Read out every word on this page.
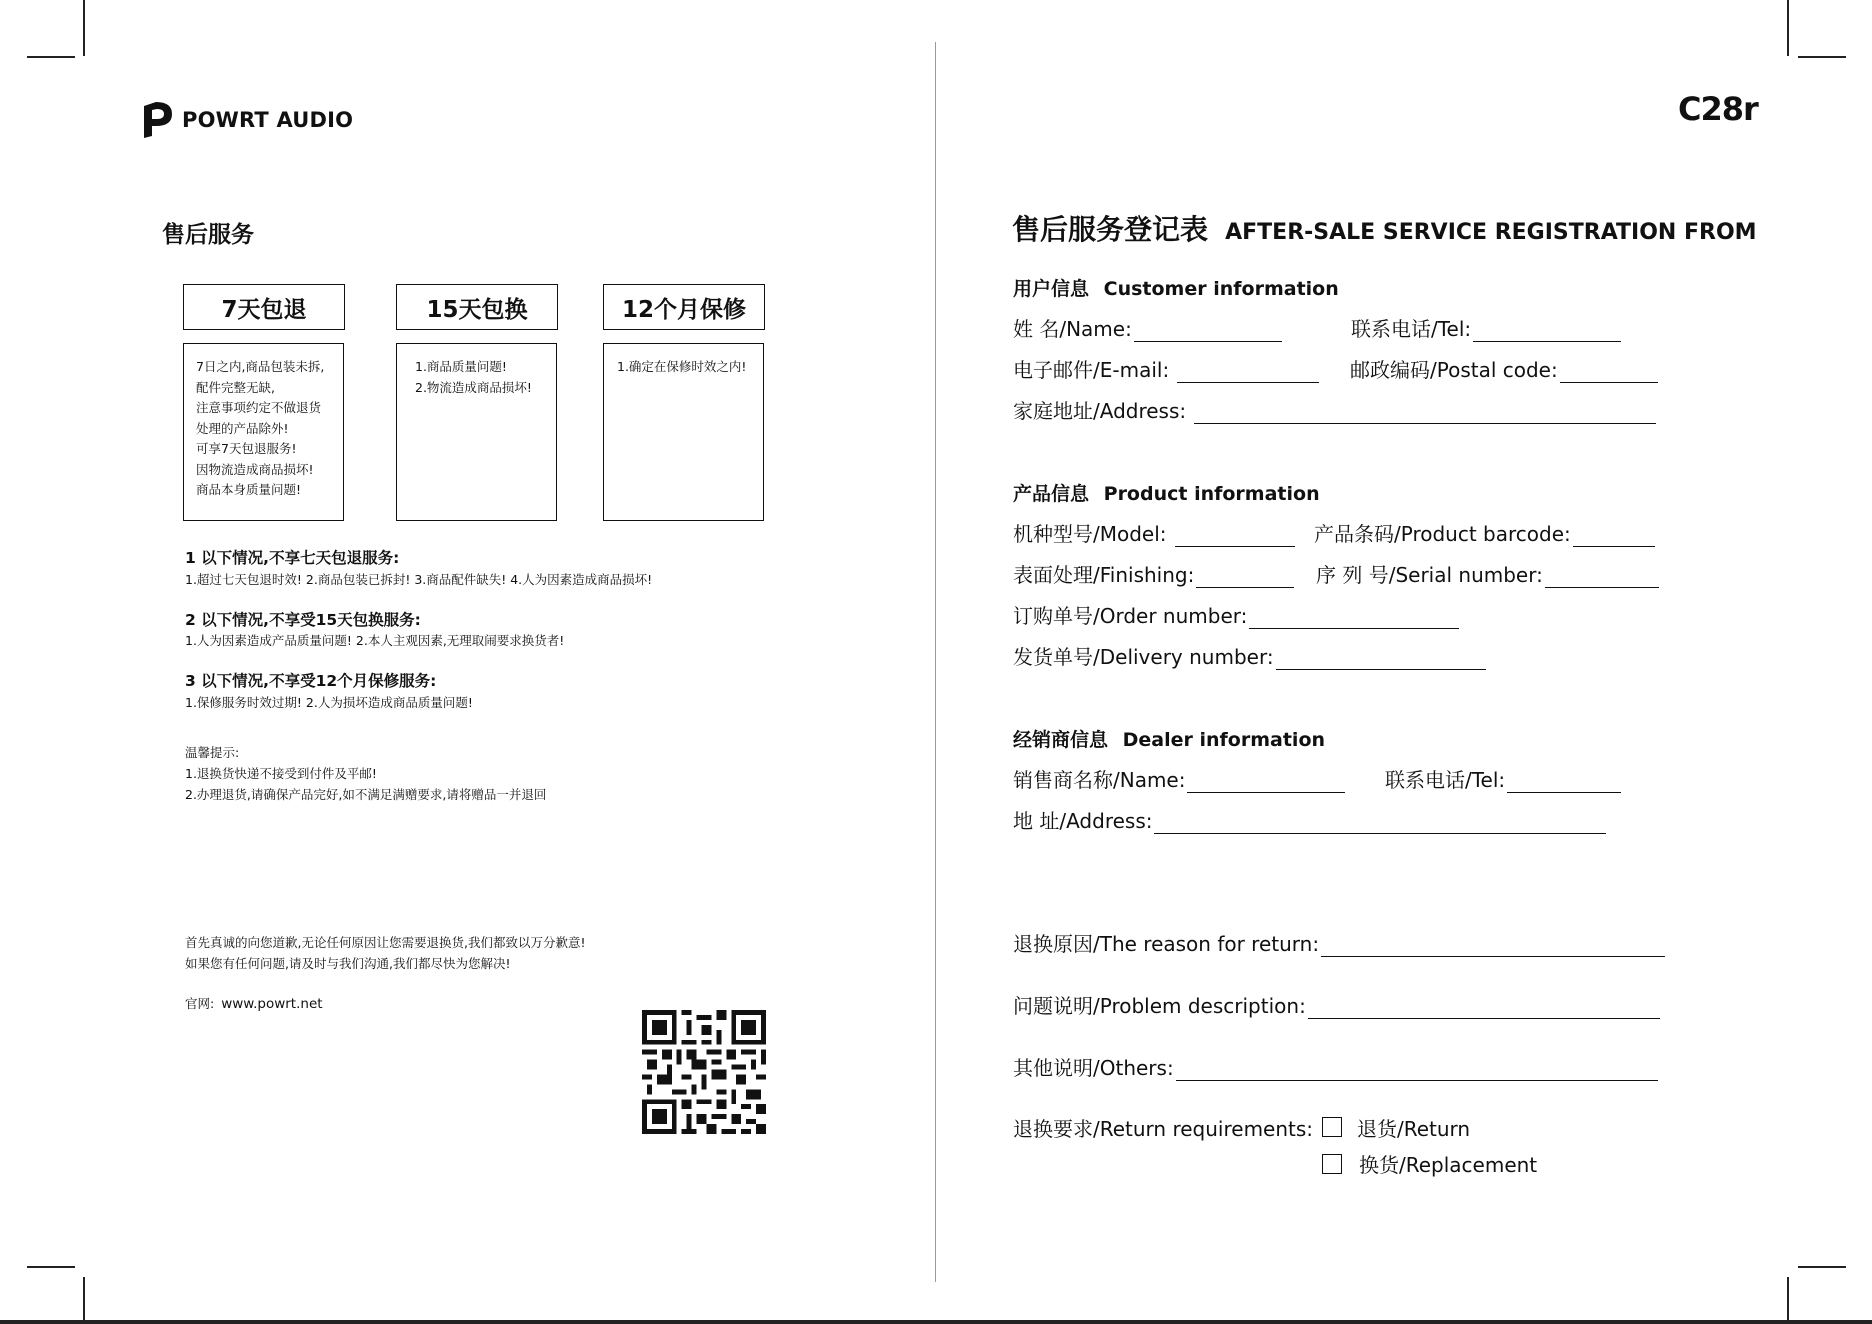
POWRT AUDIO
售后服务
7天包退	15天包换	12个月保修
7日之内,商品包装未拆,
配件完整无缺,
注意事项约定不做退货
处理的产品除外!
可享7天包退服务!
因物流造成商品损坏!
商品本身质量问题!
1.商品质量问题!
2.物流造成商品损坏!
1.确定在保修时效之内!
1 以下情况,不享七天包退服务:
1.超过七天包退时效! 2.商品包装已拆封! 3.商品配件缺失! 4.人为因素造成商品损坏!
2 以下情况,不享受15天包换服务:
1.人为因素造成产品质量问题! 2.本人主观因素,无理取闹要求换货者!
3 以下情况,不享受12个月保修服务:
1.保修服务时效过期! 2.人为损坏造成商品质量问题!
温馨提示:
1.退换货快递不接受到付件及平邮!
2.办理退货,请确保产品完好,如不满足满赠要求,请将赠品一并退回
首先真诚的向您道歉,无论任何原因让您需要退换货,我们都致以万分歉意!
如果您有任何问题,请及时与我们沟通,我们都尽快为您解决!
官网: www.powrt.net
C28r
售后服务登记表 AFTER-SALE SERVICE REGISTRATION FROM
用户信息 Customer information
姓 名/Name:	联系电话/Tel:
电子邮件/E-mail:	邮政编码/Postal code:
家庭地址/Address:
产品信息 Product information
机种型号/Model:	产品条码/Product barcode:
表面处理/Finishing:	序 列 号/Serial number:
订购单号/Order number:
发货单号/Delivery number:
经销商信息 Dealer information
销售商名称/Name:	联系电话/Tel:
地 址/Address:
退换原因/The reason for return:
问题说明/Problem description:
其他说明/Others:
退换要求/Return requirements: 退货/Return
换货/Replacement
